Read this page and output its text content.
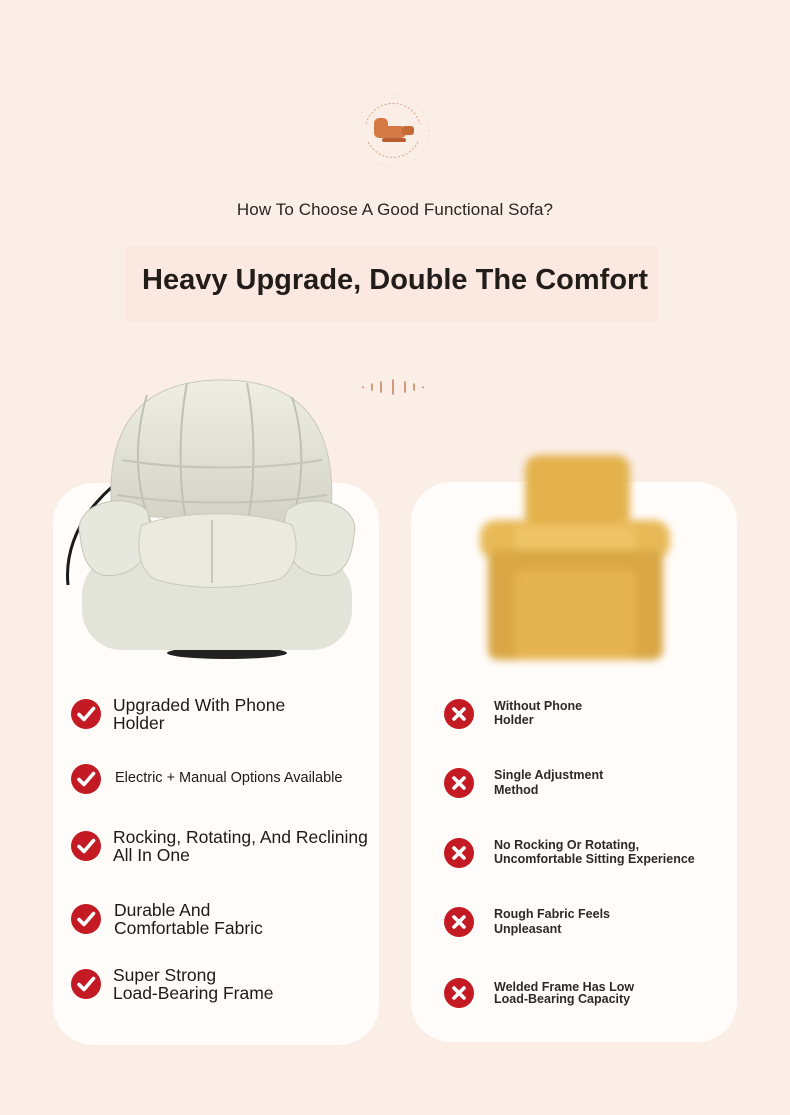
How To Choose A Good Functional Sofa?
Heavy Upgrade, Double The Comfort
Upgraded With Phone
Holder
Electric + Manual Options Available
Rocking, Rotating, And Reclining
All In One
Durable And
Comfortable Fabric
Super Strong
Load-Bearing Frame
Without Phone
Holder
Single Adjustment
Method
No Rocking Or Rotating,
Uncomfortable Sitting Experience
Rough Fabric Feels
Unpleasant
Welded Frame Has Low
Load-Bearing Capacity
